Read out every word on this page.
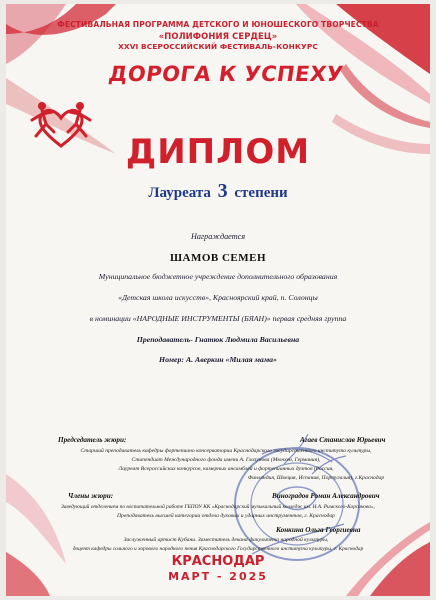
ФЕСТИВАЛЬНАЯ ПРОГРАММА ДЕТСКОГО И ЮНОШЕСКОГО ТВОРЧЕСТВА
«ПОЛИФОНИЯ СЕРДЕЦ»
XXVI ВСЕРОССИЙСКИЙ ФЕСТИВАЛЬ-КОНКУРС
ДОРОГА К УСПЕХУ
ДИПЛОМ
Лауреата 3 степени
Награждается
ШАМОВ СЕМЕН
Муниципальное бюджетное учреждение дополнительного образования
«Детская школа искусств», Красноярский край, п. Солонцы
в номинации «НАРОДНЫЕ ИНСТРУМЕНТЫ (БЯАН)» первая средняя группа
Преподаватель- Гнатюк Людмила Васильевна
Номер: А. Аверкин «Милая мама»
Председатель жюри:	Агаев Станислав Юрьевич
Старший преподаватель кафедры фортепиано консерватории Краснодарского государственного института культуры,
Стипендиат Международного фонда имени А. Глазунова (Мюнхен, Германия),
Лауреат Всероссийских конкурсов, камерных ансамблей и фортепианных дуэтов (Россия,
Финляндия, Швеция, Испания, Португалия), г.Краснодар
Члены жюри:	Виноградов Роман Александрович
Заведующий отделением по воспитательной работе ГБПОУ КК «Краснодарский музыкальный колледж им. Н.А. Римского-Корсакова»,
Преподаватель высшей категории отдела духовых и ударных инструментов, г. Краснодар
Конкина Ольга Георгиевна
Заслуженный артист Кубани. Заместитель декана факультета народной культуры,
доцент кафедры сольного и хорового народного пения Краснодарского Государственного института культуры, г. Краснодар
КРАСНОДАР
МАРТ - 2025
